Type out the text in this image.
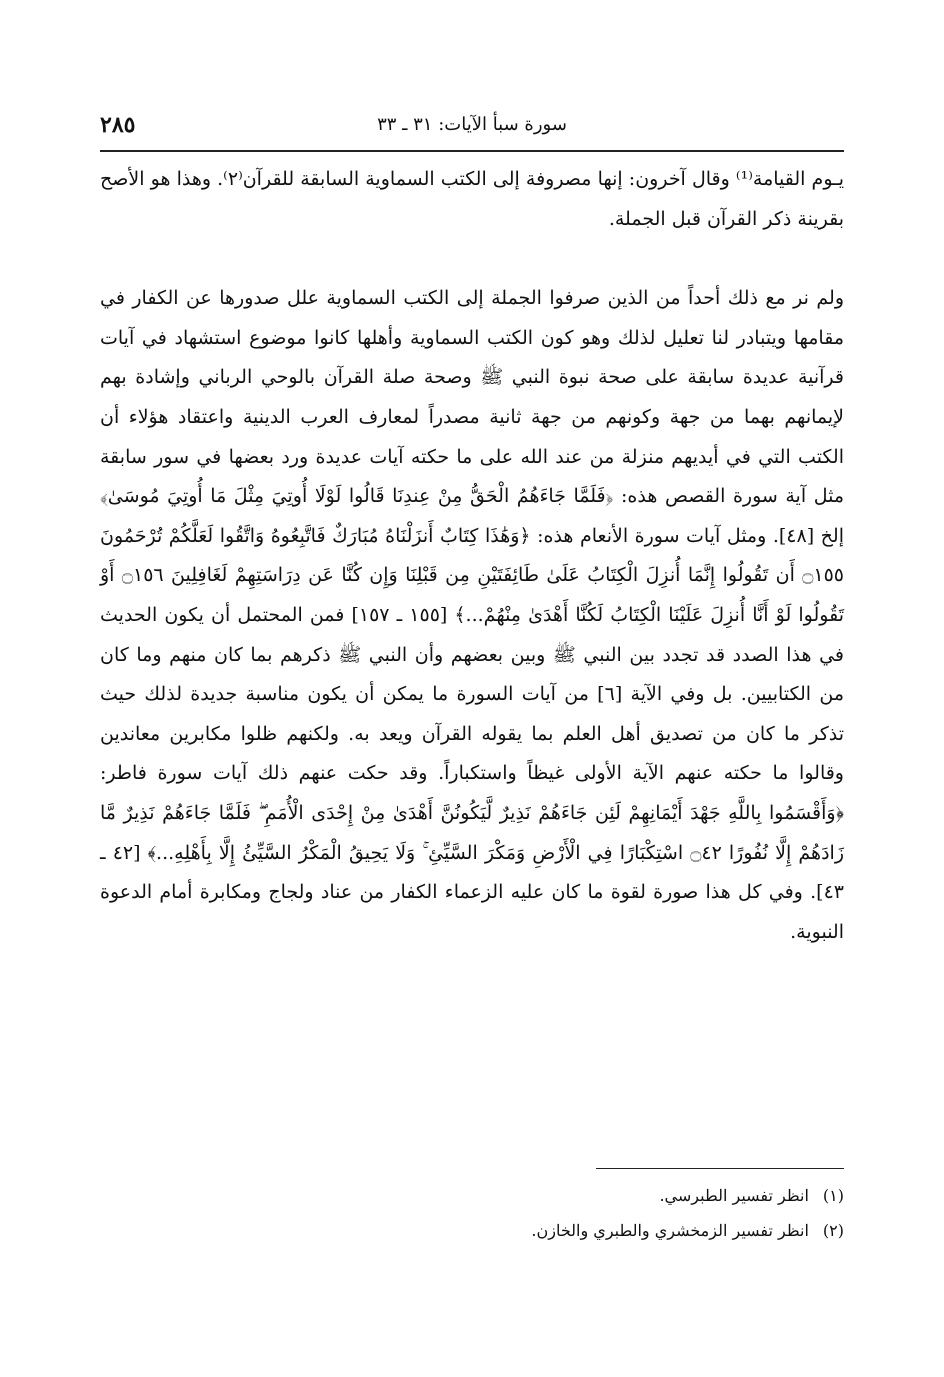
٢٨٥	سورة سبأ الآيات: ٣١ ـ ٣٣

يـوم القيامة⁽¹⁾ وقال آخرون: إنها مصروفة إلى الكتب السماوية السابقة للقرآن⁽٢⁾. وهذا هو الأصح بقرينة ذكر القرآن قبل الجملة.

ولم نر مع ذلك أحداً من الذين صرفوا الجملة إلى الكتب السماوية علل صدورها عن الكفار في مقامها ويتبادر لنا تعليل لذلك وهو كون الكتب السماوية وأهلها كانوا موضوع استشهاد في آيات قرآنية عديدة سابقة على صحة نبوة النبي ﷺ وصحة صلة القرآن بالوحي الرباني وإشادة بهم لإيمانهم بهما من جهة وكونهم من جهة ثانية مصدراً لمعارف العرب الدينية واعتقاد هؤلاء أن الكتب التي في أيديهم منزلة من عند الله على ما حكته آيات عديدة ورد بعضها في سور سابقة مثل آية سورة القصص هذه: ﴿فَلَمَّا جَاءَهُمُ الْحَقُّ مِنْ عِندِنَا قَالُوا لَوْلَا أُوتِيَ مِثْلَ مَا أُوتِيَ مُوسَىٰ﴾ إلخ [٤٨]. ومثل آيات سورة الأنعام هذه: ﴿وَهَٰذَا كِتَابٌ أَنزَلْنَاهُ مُبَارَكٌ فَاتَّبِعُوهُ وَاتَّقُوا لَعَلَّكُمْ تُرْحَمُونَ ۝١٥٥ أَن تَقُولُوا إِنَّمَا أُنزِلَ الْكِتَابُ عَلَىٰ طَائِفَتَيْنِ مِن قَبْلِنَا وَإِن كُنَّا عَن دِرَاسَتِهِمْ لَغَافِلِينَ ۝١٥٦ أَوْ تَقُولُوا لَوْ أَنَّا أُنزِلَ عَلَيْنَا الْكِتَابُ لَكُنَّا أَهْدَىٰ مِنْهُمْ...﴾ [١٥٥ ـ ١٥٧] فمن المحتمل أن يكون الحديث في هذا الصدد قد تجدد بين النبي ﷺ وبين بعضهم وأن النبي ﷺ ذكرهم بما كان منهم وما كان من الكتابيين. بل وفي الآية [٦] من آيات السورة ما يمكن أن يكون مناسبة جديدة لذلك حيث تذكر ما كان من تصديق أهل العلم بما يقوله القرآن ويعد به. ولكنهم ظلوا مكابرين معاندين وقالوا ما حكته عنهم الآية الأولى غيظاً واستكباراً. وقد حكت عنهم ذلك آيات سورة فاطر: ﴿وَأَقْسَمُوا بِاللَّهِ جَهْدَ أَيْمَانِهِمْ لَئِن جَاءَهُمْ نَذِيرٌ لَّيَكُونُنَّ أَهْدَىٰ مِنْ إِحْدَى الْأُمَمِ ۖ فَلَمَّا جَاءَهُمْ نَذِيرٌ مَّا زَادَهُمْ إِلَّا نُفُورًا ۝٤٢ اسْتِكْبَارًا فِي الْأَرْضِ وَمَكْرَ السَّيِّئِ ۚ وَلَا يَحِيقُ الْمَكْرُ السَّيِّئُ إِلَّا بِأَهْلِهِ...﴾ [٤٢ ـ ٤٣]. وفي كل هذا صورة لقوة ما كان عليه الزعماء الكفار من عناد ولجاج ومكابرة أمام الدعوة النبوية.

(١)انظر تفسير الطبرسي.
(٢)انظر تفسير الزمخشري والطبري والخازن.
